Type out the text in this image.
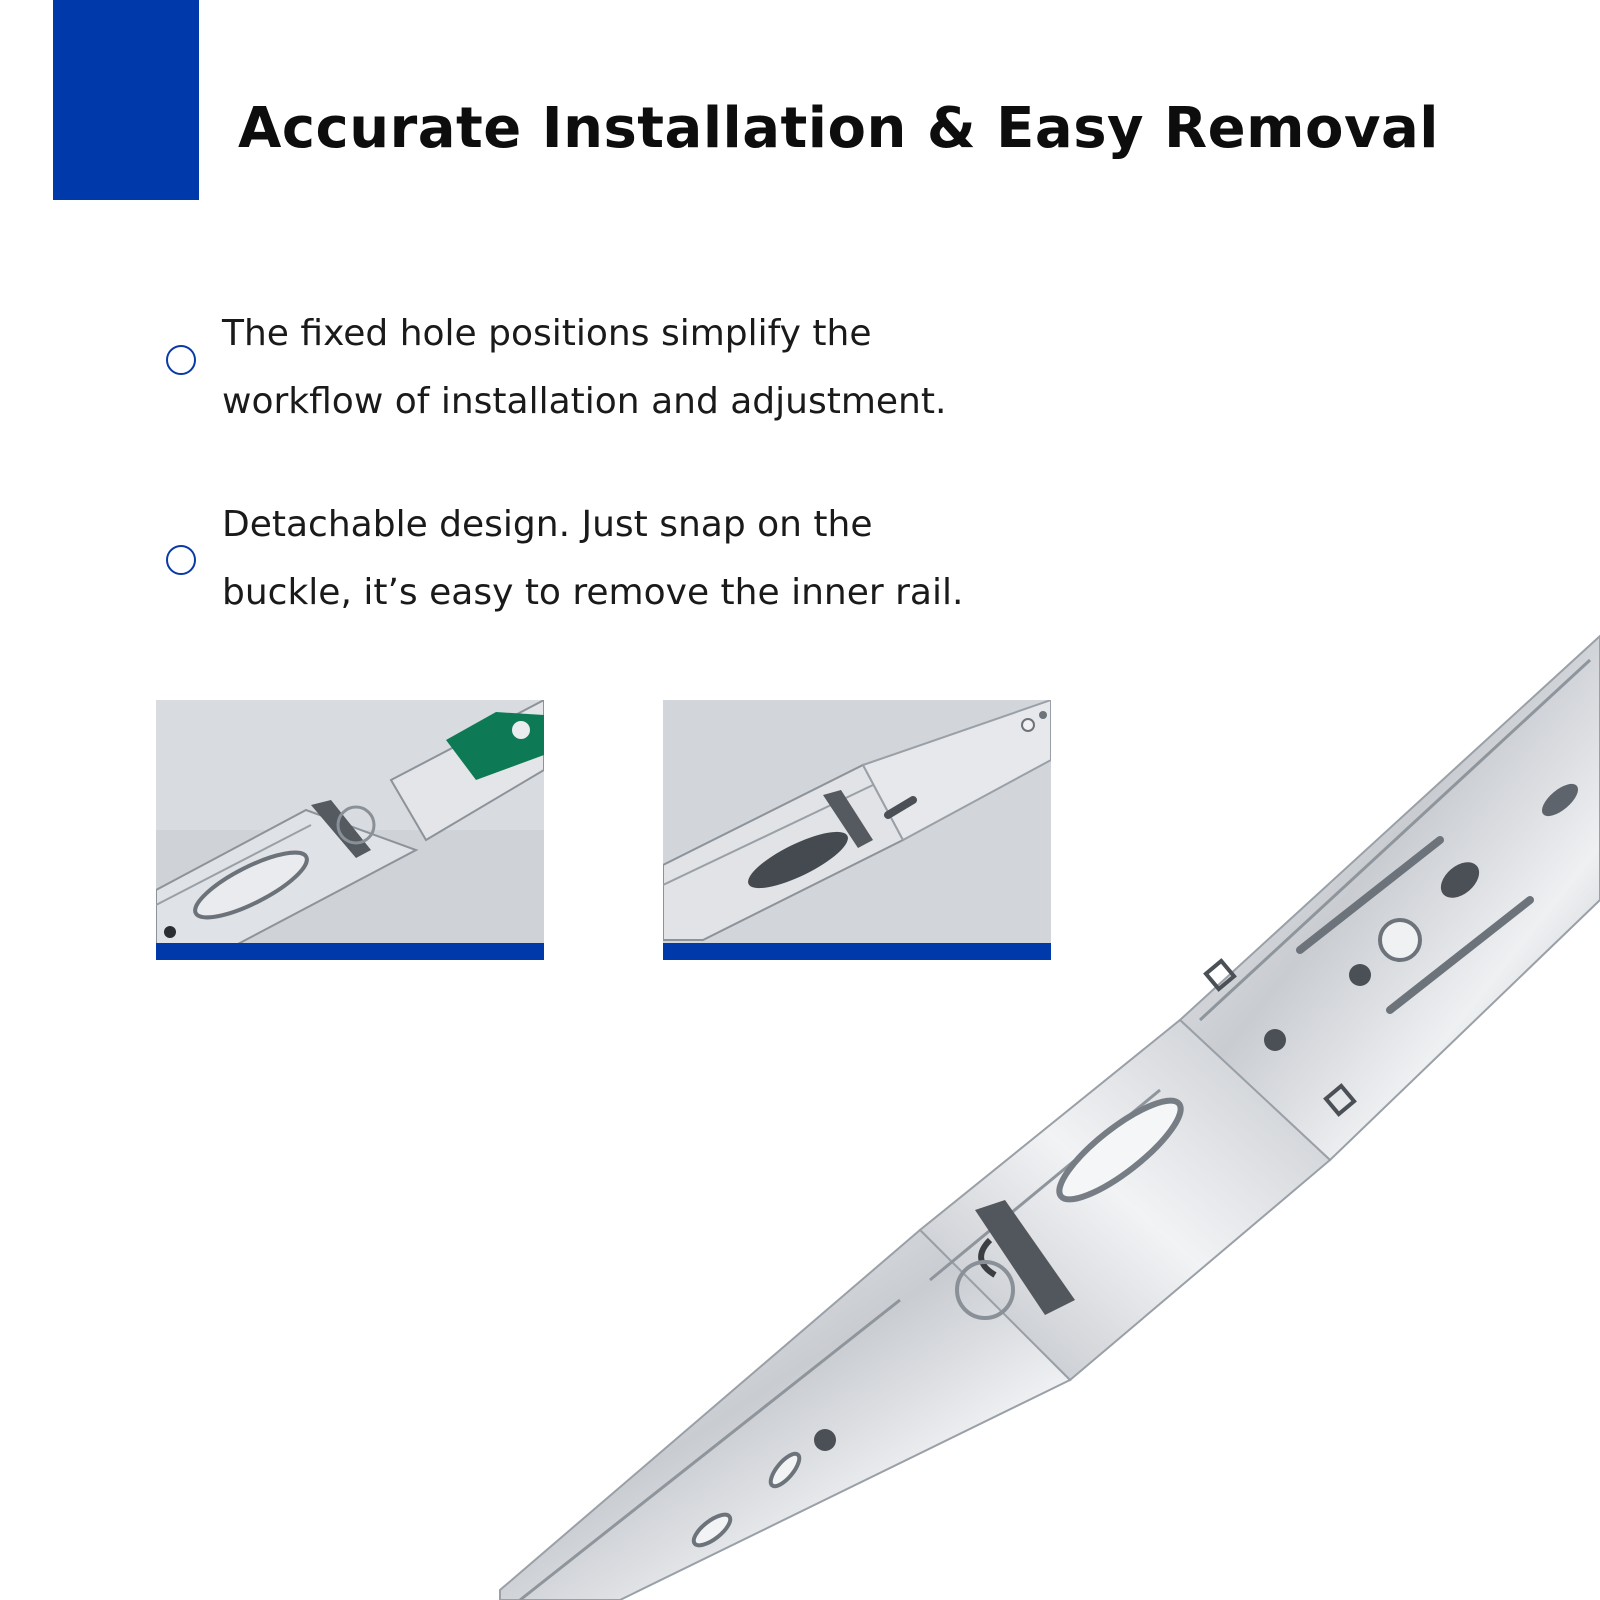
Accurate Installation & Easy Removal
The fixed hole positions simplify the
workflow of installation and adjustment.
Detachable design. Just snap on the
buckle, it’s easy to remove the inner rail.
